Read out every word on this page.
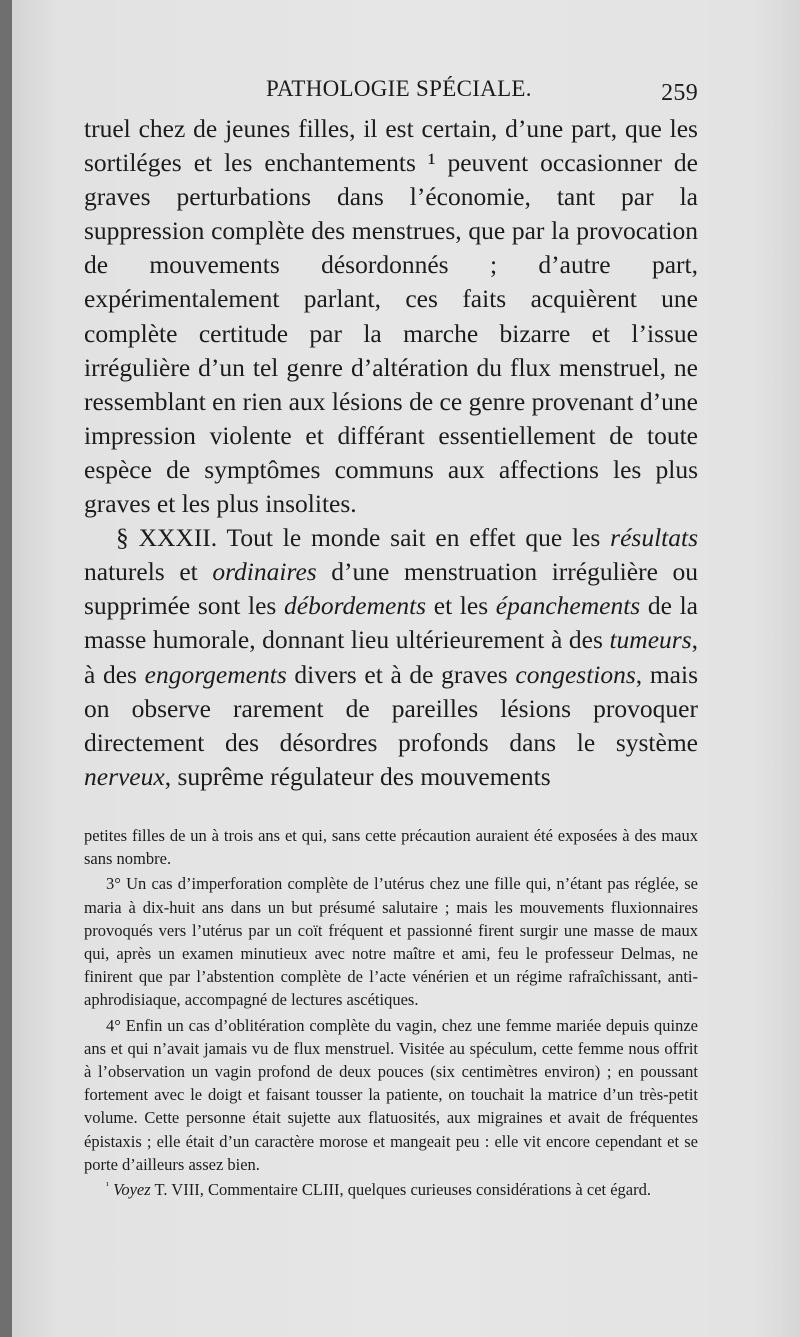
PATHOLOGIE SPÉCIALE.	259

truel chez de jeunes filles, il est certain, d’une part, que les sortiléges et les enchantements ¹ peuvent occasionner de graves perturbations dans l’économie, tant par la suppression complète des menstrues, que par la provocation de mouvements désordonnés ; d’autre part, expérimentalement parlant, ces faits acquièrent une complète certitude par la marche bizarre et l’issue irrégulière d’un tel genre d’altération du flux menstruel, ne ressemblant en rien aux lésions de ce genre provenant d’une impression violente et différant essentiellement de toute espèce de symptômes communs aux affections les plus graves et les plus insolites.

§ XXXII. Tout le monde sait en effet que les résultats naturels et ordinaires d’une menstruation irrégulière ou supprimée sont les débordements et les épanchements de la masse humorale, donnant lieu ultérieurement à des tumeurs, à des engorgements divers et à de graves congestions, mais on observe rarement de pareilles lésions provoquer directement des désordres profonds dans le système nerveux, suprême régulateur des mouvements

petites filles de un à trois ans et qui, sans cette précaution auraient été exposées à des maux sans nombre.

3° Un cas d’imperforation complète de l’utérus chez une fille qui, n’étant pas réglée, se maria à dix-huit ans dans un but présumé salutaire ; mais les mouvements fluxionnaires provoqués vers l’utérus par un coït fréquent et passionné firent surgir une masse de maux qui, après un examen minutieux avec notre maître et ami, feu le professeur Delmas, ne finirent que par l’abstention complète de l’acte vénérien et un régime rafraîchissant, anti-aphrodisiaque, accompagné de lectures ascétiques.

4° Enfin un cas d’oblitération complète du vagin, chez une femme mariée depuis quinze ans et qui n’avait jamais vu de flux menstruel. Visitée au spéculum, cette femme nous offrit à l’observation un vagin profond de deux pouces (six centimètres environ) ; en poussant fortement avec le doigt et faisant tousser la patiente, on touchait la matrice d’un très-petit volume. Cette personne était sujette aux flatuosités, aux migraines et avait de fréquentes épistaxis ; elle était d’un caractère morose et mangeait peu : elle vit encore cependant et se porte d’ailleurs assez bien.

$^{^1}$ Voyez T. VIII, Commentaire CLIII, quelques curieuses considérations à cet égard.
